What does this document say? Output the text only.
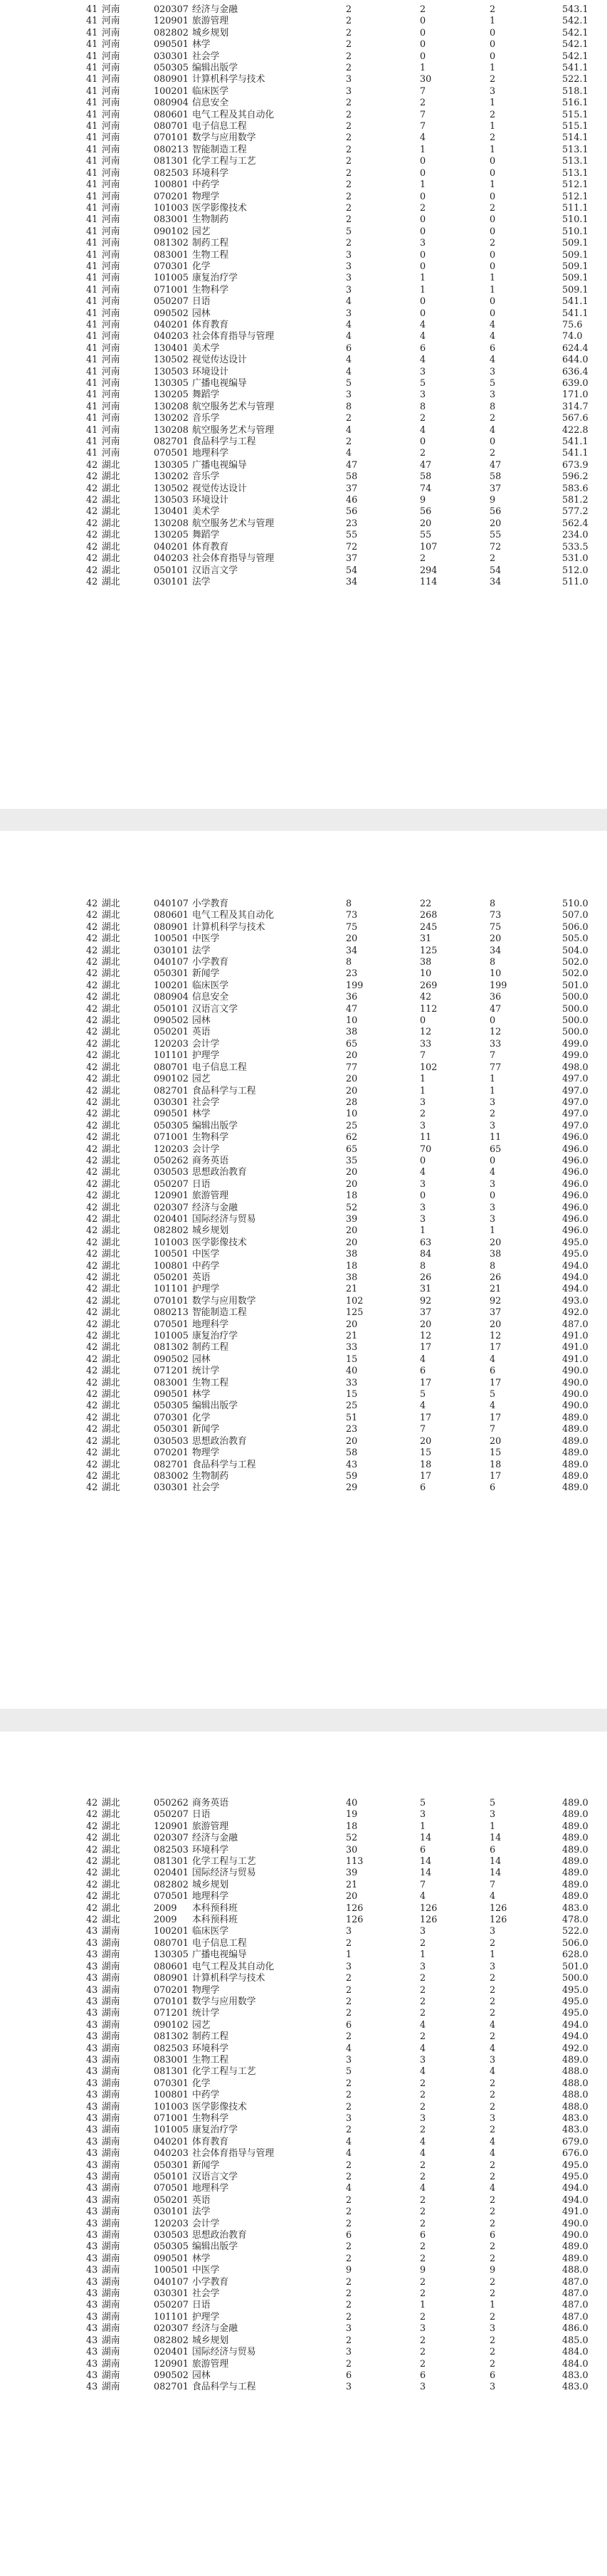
41 河南	020307 经济与金融	2	2	2	543.1
41 河南	120901 旅游管理	2	0	1	542.1
41 河南	082802 城乡规划	2	0	0	542.1
41 河南	090501 林学	2	0	0	542.1
41 河南	030301 社会学	2	0	0	542.1
41 河南	050305 编辑出版学	2	1	1	541.1
41 河南	080901 计算机科学与技术	3	30	2	522.1
41 河南	100201 临床医学	3	7	3	518.1
41 河南	080904 信息安全	2	2	1	516.1
41 河南	080601 电气工程及其自动化	2	7	2	515.1
41 河南	080701 电子信息工程	2	7	1	515.1
41 河南	070101 数学与应用数学	2	4	2	514.1
41 河南	080213 智能制造工程	2	1	1	513.1
41 河南	081301 化学工程与工艺	2	0	0	513.1
41 河南	082503 环境科学	2	0	0	513.1
41 河南	100801 中药学	2	1	1	512.1
41 河南	070201 物理学	2	0	0	512.1
41 河南	101003 医学影像技术	2	2	2	511.1
41 河南	083001 生物制药	2	0	0	510.1
41 河南	090102 园艺	5	0	0	510.1
41 河南	081302 制药工程	2	3	2	509.1
41 河南	083001 生物工程	3	0	0	509.1
41 河南	070301 化学	3	0	0	509.1
41 河南	101005 康复治疗学	3	1	1	509.1
41 河南	071001 生物科学	3	1	1	509.1
41 河南	050207 日语	4	0	0	541.1
41 河南	090502 园林	3	0	0	541.1
41 河南	040201 体育教育	4	4	4	75.6
41 河南	040203 社会体育指导与管理	4	4	4	74.0
41 河南	130401 美术学	6	6	6	624.4
41 河南	130502 视觉传达设计	4	4	4	644.0
41 河南	130503 环境设计	4	3	3	636.4
41 河南	130305 广播电视编导	5	5	5	639.0
41 河南	130205 舞蹈学	3	3	3	171.0
41 河南	130208 航空服务艺术与管理	8	8	8	314.7
41 河南	130202 音乐学	2	2	2	567.6
41 河南	130208 航空服务艺术与管理	4	4	4	422.8
41 河南	082701 食品科学与工程	2	0	0	541.1
41 河南	070501 地理科学	4	2	2	541.1
42 湖北	130305 广播电视编导	47	47	47	673.9
42 湖北	130202 音乐学	58	58	58	596.2
42 湖北	130502 视觉传达设计	37	74	37	583.6
42 湖北	130503 环境设计	46	9	9	581.2
42 湖北	130401 美术学	56	56	56	577.2
42 湖北	130208 航空服务艺术与管理	23	20	20	562.4
42 湖北	130205 舞蹈学	55	55	55	234.0
42 湖北	040201 体育教育	72	107	72	533.5
42 湖北	040203 社会体育指导与管理	37	2	2	531.0
42 湖北	050101 汉语言文学	54	294	54	512.0
42 湖北	030101 法学	34	114	34	511.0
42 湖北	040107 小学教育	8	22	8	510.0
42 湖北	080601 电气工程及其自动化	73	268	73	507.0
42 湖北	080901 计算机科学与技术	75	245	75	506.0
42 湖北	100501 中医学	20	31	20	505.0
42 湖北	030101 法学	34	125	34	504.0
42 湖北	040107 小学教育	8	38	8	502.0
42 湖北	050301 新闻学	23	10	10	502.0
42 湖北	100201 临床医学	199	269	199	501.0
42 湖北	080904 信息安全	36	42	36	500.0
42 湖北	050101 汉语言文学	47	112	47	500.0
42 湖北	090502 园林	10	0	0	500.0
42 湖北	050201 英语	38	12	12	500.0
42 湖北	120203 会计学	65	33	33	499.0
42 湖北	101101 护理学	20	7	7	499.0
42 湖北	080701 电子信息工程	77	102	77	498.0
42 湖北	090102 园艺	20	1	1	497.0
42 湖北	082701 食品科学与工程	20	1	1	497.0
42 湖北	030301 社会学	28	3	3	497.0
42 湖北	090501 林学	10	2	2	497.0
42 湖北	050305 编辑出版学	25	3	3	497.0
42 湖北	071001 生物科学	62	11	11	496.0
42 湖北	120203 会计学	65	70	65	496.0
42 湖北	050262 商务英语	35	0	0	496.0
42 湖北	030503 思想政治教育	20	4	4	496.0
42 湖北	050207 日语	20	3	3	496.0
42 湖北	120901 旅游管理	18	0	0	496.0
42 湖北	020307 经济与金融	52	3	3	496.0
42 湖北	020401 国际经济与贸易	39	3	3	496.0
42 湖北	082802 城乡规划	20	1	1	496.0
42 湖北	101003 医学影像技术	20	63	20	495.0
42 湖北	100501 中医学	38	84	38	495.0
42 湖北	100801 中药学	18	8	8	494.0
42 湖北	050201 英语	38	26	26	494.0
42 湖北	101101 护理学	21	31	21	494.0
42 湖北	070101 数学与应用数学	102	92	92	493.0
42 湖北	080213 智能制造工程	125	37	37	492.0
42 湖北	070501 地理科学	20	20	20	487.0
42 湖北	101005 康复治疗学	21	12	12	491.0
42 湖北	081302 制药工程	33	17	17	491.0
42 湖北	090502 园林	15	4	4	491.0
42 湖北	071201 统计学	40	6	6	490.0
42 湖北	083001 生物工程	33	17	17	490.0
42 湖北	090501 林学	15	5	5	490.0
42 湖北	050305 编辑出版学	25	4	4	490.0
42 湖北	070301 化学	51	17	17	489.0
42 湖北	050301 新闻学	23	7	7	489.0
42 湖北	030503 思想政治教育	20	20	20	489.0
42 湖北	070201 物理学	58	15	15	489.0
42 湖北	082701 食品科学与工程	43	18	18	489.0
42 湖北	083002 生物制药	59	17	17	489.0
42 湖北	030301 社会学	29	6	6	489.0
42 湖北	050262 商务英语	40	5	5	489.0
42 湖北	050207 日语	19	3	3	489.0
42 湖北	120901 旅游管理	18	1	1	489.0
42 湖北	020307 经济与金融	52	14	14	489.0
42 湖北	082503 环境科学	30	6	6	489.0
42 湖北	081301 化学工程与工艺	113	14	14	489.0
42 湖北	020401 国际经济与贸易	39	14	14	489.0
42 湖北	082802 城乡规划	21	7	7	489.0
42 湖北	070501 地理科学	20	4	4	489.0
42 湖北	2009 本科预科班	126	126	126	483.0
42 湖北	2009 本科预科班	126	126	126	478.0
43 湖南	100201 临床医学	3	3	3	522.0
43 湖南	080701 电子信息工程	2	2	2	506.0
43 湖南	130305 广播电视编导	1	1	1	628.0
43 湖南	080601 电气工程及其自动化	3	3	3	501.0
43 湖南	080901 计算机科学与技术	2	2	2	500.0
43 湖南	070201 物理学	2	2	2	495.0
43 湖南	070101 数学与应用数学	2	2	2	495.0
43 湖南	071201 统计学	2	2	2	495.0
43 湖南	090102 园艺	6	4	4	494.0
43 湖南	081302 制药工程	2	2	2	494.0
43 湖南	082503 环境科学	4	4	4	492.0
43 湖南	083001 生物工程	3	3	3	489.0
43 湖南	081301 化学工程与工艺	5	4	4	488.0
43 湖南	070301 化学	2	2	2	488.0
43 湖南	100801 中药学	2	2	2	488.0
43 湖南	101003 医学影像技术	2	2	2	488.0
43 湖南	071001 生物科学	3	3	3	483.0
43 湖南	101005 康复治疗学	2	2	2	483.0
43 湖南	040201 体育教育	4	4	4	679.0
43 湖南	040203 社会体育指导与管理	4	4	4	676.0
43 湖南	050301 新闻学	2	2	2	495.0
43 湖南	050101 汉语言文学	2	2	2	495.0
43 湖南	070501 地理科学	4	4	4	494.0
43 湖南	050201 英语	2	2	2	494.0
43 湖南	030101 法学	2	2	2	491.0
43 湖南	120203 会计学	2	2	2	490.0
43 湖南	030503 思想政治教育	6	6	6	490.0
43 湖南	050305 编辑出版学	2	2	2	489.0
43 湖南	090501 林学	2	2	2	489.0
43 湖南	100501 中医学	9	9	9	488.0
43 湖南	040107 小学教育	2	2	2	487.0
43 湖南	030301 社会学	2	2	2	487.0
43 湖南	050207 日语	2	1	1	487.0
43 湖南	101101 护理学	2	2	2	487.0
43 湖南	020307 经济与金融	3	3	3	486.0
43 湖南	082802 城乡规划	2	2	2	485.0
43 湖南	020401 国际经济与贸易	3	2	2	484.0
43 湖南	120901 旅游管理	2	2	2	484.0
43 湖南	090502 园林	6	6	6	483.0
43 湖南	082701 食品科学与工程	3	3	3	483.0
